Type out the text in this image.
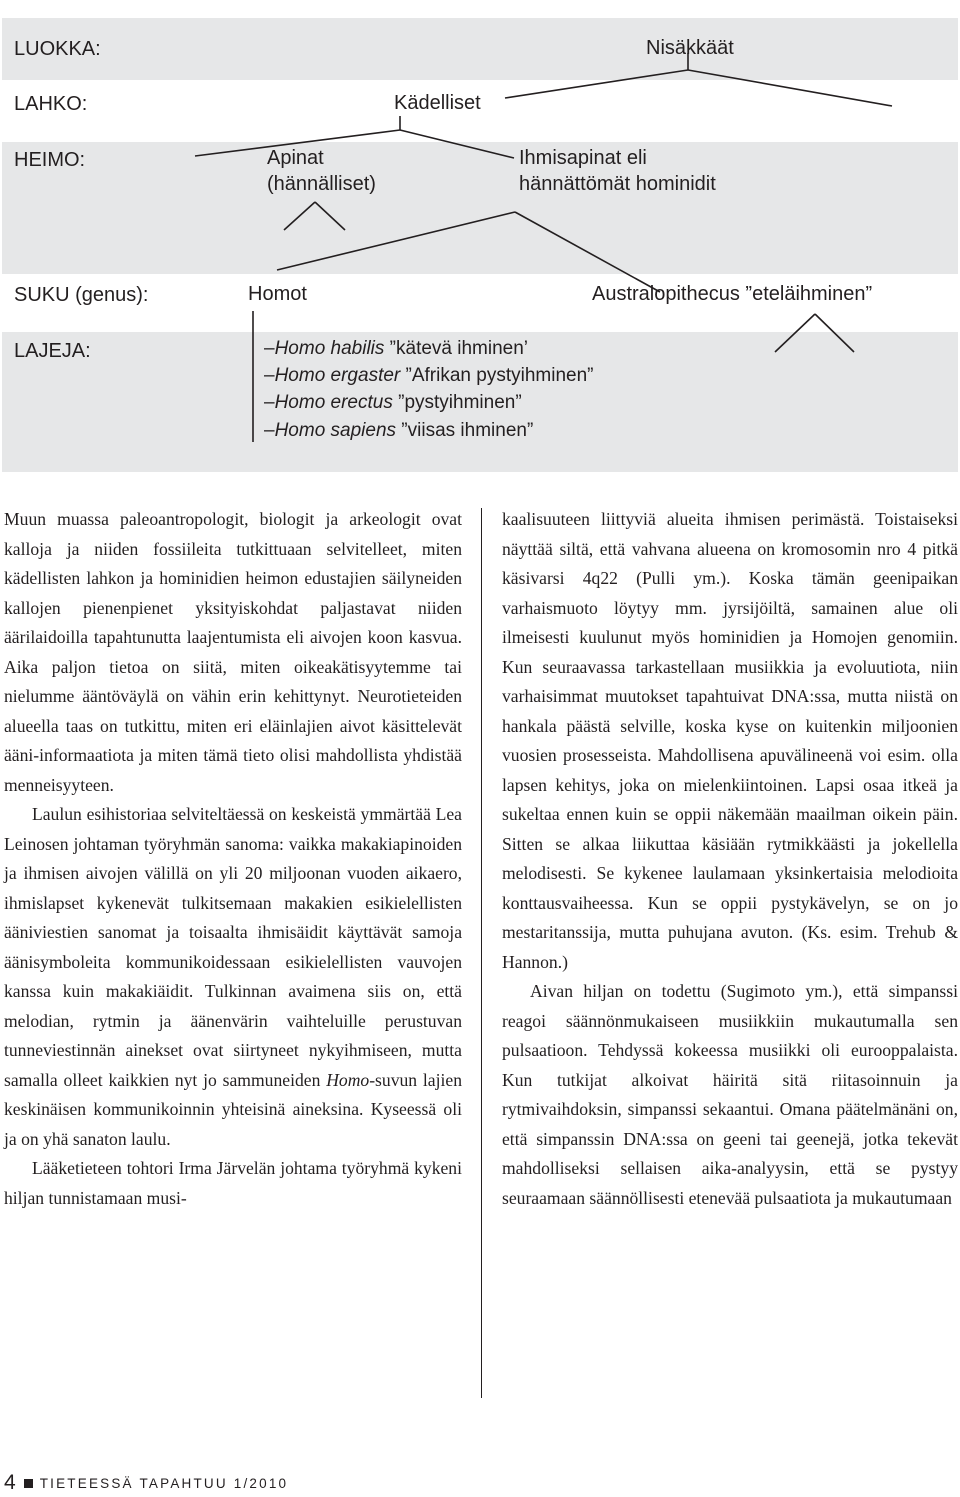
LUOKKA:
LAHKO:
HEIMO:
SUKU (genus):
LAJEJA:
Nisäkkäät
Kädelliset
Apinat
(hännälliset)
Ihmisapinat eli
hännättömät hominidit
Homot	Australopithecus ”eteläihminen”
–Homo habilis ”kätevä ihminen’
–Homo ergaster ”Afrikan pystyihminen”
–Homo erectus ”pystyihminen”
–Homo sapiens ”viisas ihminen”

Muun muassa paleoantropologit, biologit ja arkeologit ovat kalloja ja niiden fossiileita tutkittuaan selvitelleet, miten kädellisten lahkon ja hominidien heimon edustajien säilyneiden kallojen pienenpienet yksityiskohdat paljastavat niiden äärilaidoilla tapahtunutta laajentumista eli aivojen koon kasvua. Aika paljon tietoa on siitä, miten oikeakätisyytemme tai nielumme ääntöväylä on vähin erin kehittynyt. Neurotieteiden alueella taas on tutkittu, miten eri eläinlajien aivot käsittelevät ääni-informaatiota ja miten tämä tieto olisi mahdollista yhdistää menneisyyteen.

Laulun esihistoriaa selviteltäessä on keskeistä ymmärtää Lea Leinosen johtaman työryhmän sanoma: vaikka makakiapinoiden ja ihmisen aivojen välillä on yli 20 miljoonan vuoden aikaero, ihmislapset kykenevät tulkitsemaan makakien esikielellisten ääniviestien sanomat ja toisaalta ihmisäidit käyttävät samoja äänisymboleita kommunikoidessaan esikielellisten vauvojen kanssa kuin makakiäidit. Tulkinnan avaimena siis on, että melodian, rytmin ja äänenvärin vaihteluille perustuvan tunneviestinnän ainekset ovat siirtyneet nykyihmiseen, mutta samalla olleet kaikkien nyt jo sammuneiden Homo-suvun lajien keskinäisen kommunikoinnin yhteisinä aineksina. Kyseessä oli ja on yhä sanaton laulu.

Lääketieteen tohtori Irma Järvelän johtama työryhmä kykeni hiljan tunnistamaan musi-

kaalisuuteen liittyviä alueita ihmisen perimästä. Toistaiseksi näyttää siltä, että vahvana alueena on kromosomin nro 4 pitkä käsivarsi 4q22 (Pulli ym.). Koska tämän geenipaikan varhaismuoto löytyy mm. jyrsijöiltä, samainen alue oli ilmeisesti kuulunut myös hominidien ja Homojen genomiin. Kun seuraavassa tarkastellaan musiikkia ja evoluutiota, niin varhaisimmat muutokset tapahtuivat DNA:ssa, mutta niistä on hankala päästä selville, koska kyse on kuitenkin miljoonien vuosien prosesseista. Mahdollisena apuvälineenä voi esim. olla lapsen kehitys, joka on mielenkiintoinen. Lapsi osaa itkeä ja sukeltaa ennen kuin se oppii näkemään maailman oikein päin. Sitten se alkaa liikuttaa käsiään rytmikkäästi ja jokellella melodisesti. Se kykenee laulamaan yksinkertaisia melodioita konttausvaiheessa. Kun se oppii pystykävelyn, se on jo mestaritanssija, mutta puhujana avuton. (Ks. esim. Trehub & Hannon.)

Aivan hiljan on todettu (Sugimoto ym.), että simpanssi reagoi säännönmukaiseen musiikkiin mukautumalla sen pulsaatioon. Tehdyssä kokeessa musiikki oli eurooppalaista. Kun tutkijat alkoivat häiritä sitä riitasoinnuin ja rytmivaihdoksin, simpanssi sekaantui. Omana päätelmänäni on, että simpanssin DNA:ssa on geeni tai geenejä, jotka tekevät mahdolliseksi sellaisen aika-analyysin, että se pystyy seuraamaan säännöllisesti etenevää pulsaatiota ja mukautumaan

4 TIETEESSÄ TAPAHTUU 1/2010
